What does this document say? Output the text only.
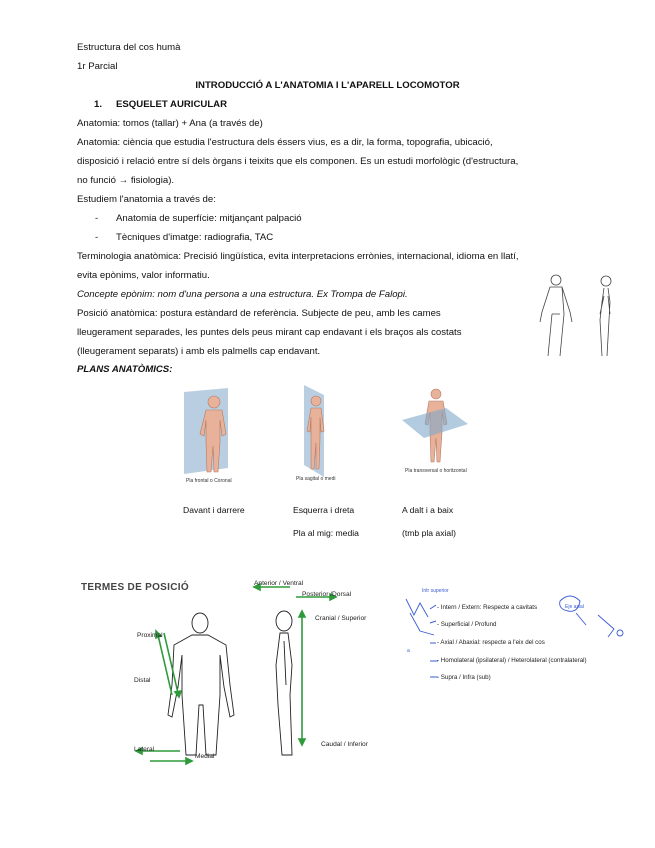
Estructura del cos humà
1r Parcial
INTRODUCCIÓ A L'ANATOMIA I L'APARELL LOCOMOTOR
1. ESQUELET AURICULAR
Anatomia: tomos (tallar) + Ana (a través de)
Anatomia: ciència que estudia l'estructura dels éssers vius, es a dir, la forma, topografia, ubicació,
disposició i relació entre sí dels òrgans i teixits que els componen. Es un estudi morfològic (d'estructura,
no funció → fisiologia).
Estudiem l'anatomia a través de:
- Anatomia de superfície: mitjançant palpació
- Tècniques d'imatge: radiografia, TAC
Terminologia anatòmica: Precisió lingüística, evita interpretacions errònies, internacional, idioma en llatí,
evita epònims, valor informatiu.
Concepte epònim: nom d'una persona a una estructura. Ex Trompa de Falopi.
Posició anatòmica: postura estàndard de referència. Subjecte de peu, amb les cames
lleugerament separades, les puntes dels peus mirant cap endavant i els braços als costats
(lleugerament separats) i amb els palmells cap endavant.
PLANS ANATÒMICS:
Pla frontal o Coronal	Pla sagital o medi
Pla transversal o horitzontal
Davant i darrere	Esquerra i dreta	A dalt i a baix
Pla al mig: media	(tmb pla axial)
TERMES DE POSICIÓ	Anterior / Ventral
Posterior /Dorsal
Proximal
Distal
Cranial / Superior
Caudal / Inferior
Lateral
Medial
Intr superior
Eje axial
a
- Intern / Extern: Respecte a cavitats
- Superficial / Profund
- Axial / Abaxial: respecte a l'eix del cos
- Homolateral (ipsilateral) / Heterolateral (contralateral)
- Supra / Infra (sub)
